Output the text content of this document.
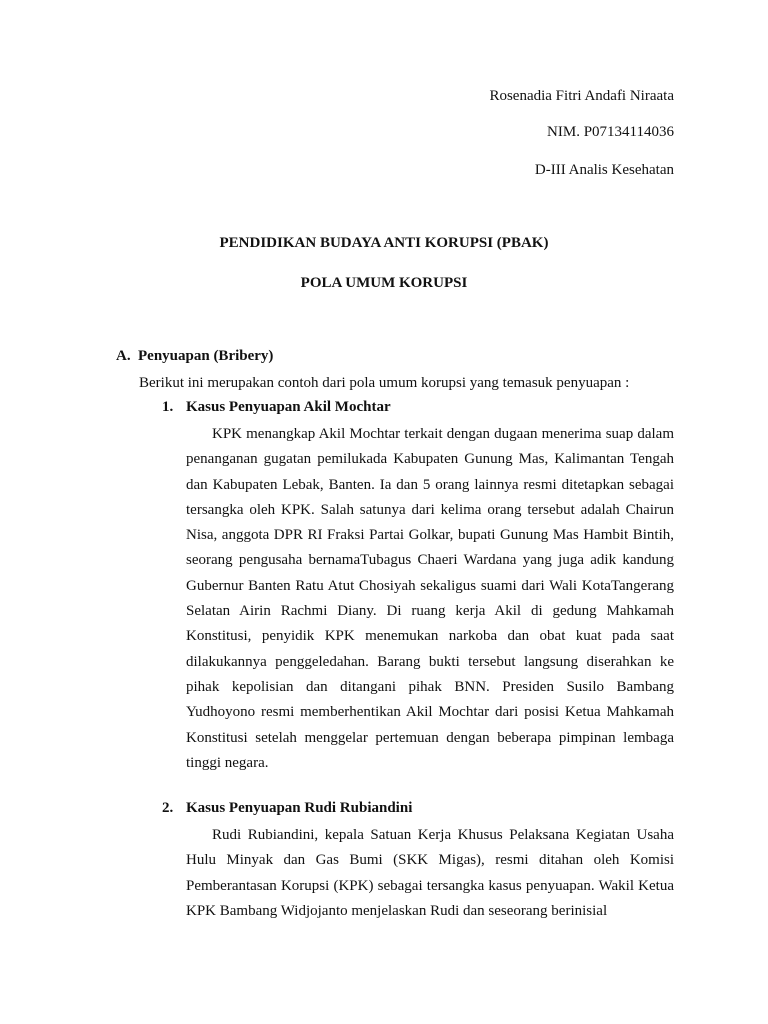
Rosenadia Fitri Andafi Niraata
NIM. P07134114036
D-III Analis Kesehatan
PENDIDIKAN BUDAYA ANTI KORUPSI (PBAK)
POLA UMUM KORUPSI
A. Penyuapan (Bribery)
Berikut ini merupakan contoh dari pola umum korupsi yang temasuk penyuapan :
1. Kasus Penyuapan Akil Mochtar

KPK menangkap Akil Mochtar terkait dengan dugaan menerima suap dalam penanganan gugatan pemilukada Kabupaten Gunung Mas, Kalimantan Tengah dan Kabupaten Lebak, Banten. Ia dan 5 orang lainnya resmi ditetapkan sebagai tersangka oleh KPK. Salah satunya dari kelima orang tersebut adalah Chairun Nisa, anggota DPR RI Fraksi Partai Golkar, bupati Gunung Mas Hambit Bintih, seorang pengusaha bernamaTubagus Chaeri Wardana yang juga adik kandung Gubernur Banten Ratu Atut Chosiyah sekaligus suami dari Wali KotaTangerang Selatan Airin Rachmi Diany. Di ruang kerja Akil di gedung Mahkamah Konstitusi, penyidik KPK menemukan narkoba dan obat kuat pada saat dilakukannya penggeledahan. Barang bukti tersebut langsung diserahkan ke pihak kepolisian dan ditangani pihak BNN. Presiden Susilo Bambang Yudhoyono resmi memberhentikan Akil Mochtar dari posisi Ketua Mahkamah Konstitusi setelah menggelar pertemuan dengan beberapa pimpinan lembaga tinggi negara.

2. Kasus Penyuapan Rudi Rubiandini

Rudi Rubiandini, kepala Satuan Kerja Khusus Pelaksana Kegiatan Usaha Hulu Minyak dan Gas Bumi (SKK Migas), resmi ditahan oleh Komisi Pemberantasan Korupsi (KPK) sebagai tersangka kasus penyuapan. Wakil Ketua KPK Bambang Widjojanto menjelaskan Rudi dan seseorang berinisial
